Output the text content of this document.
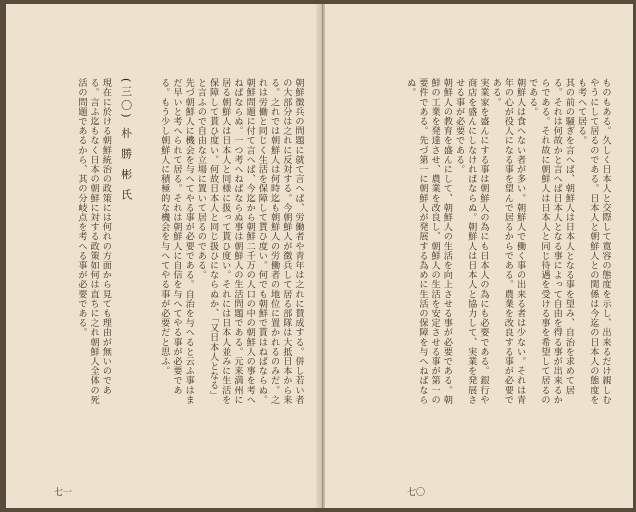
朝鮮徴兵の問題に就て言へば、労働者や青年は之れに賛成する。併し若い者の大部分は之れに反対する。今朝鮮人が徴兵して居る部隊は大抵日本から来る。之れでは朝鮮人は何時迄も朝鮮人の労働者の地位に置かれるのみだ。之れは労働と同じく生活を保障して貰ひ度い。何でも朝鮮で貰はねばならぬ。

朝鮮問題に付て言へば、今迄から朝鮮二千万の人口の中の朝鮮人の事を考へねばならぬ。一つ考へねばならぬ事は朝鮮人の生活問題である。元来満州に居る朝鮮人は日本人と同様に扱って貰ひ度い。それには日本人並みに生活を保障して貰ひ度い。何故日本人と同じ扱ひにならぬか、「又日本人となる」と言ふので自由な立場に置いて居るのである。

先づ朝鮮人に機会を与へてやる事が必要である。自治を与へると云ふ事はまだ早いと考へられて居る。それは朝鮮人に自信を与へてやる事が必要である。もう少し朝鮮人に積極的な機会を与へてやる事が必要だと思ふ。

(三〇) 朴 勝 彬 氏

現在に於ける朝鮮統治の政策には何れの方面から見ても理由が無いのである。言ふ迄もなく日本の朝鮮に対する政策如何は直ちに之れ朝鮮人全体の死活の問題であるから、其の分岐点を考へる事が必要である。

七一

ものもある。久しく日本人と交際して寛容の態度を示し、出来るだけ親しむやうにして居るのである。日本人と朝鮮人との関係は今迄の日本人の態度をも考へて居る。

其の前の騒ぎを言へば、朝鮮人は日本人となる事を望み、自治を求めて居る。それは何故かと言へば日本人となる事によって自由を得る事が出来るからである。それ故に朝鮮人は日本人と同じ待遇を受ける事を希望して居るのである。

朝鮮人は食へない者が多い。朝鮮人で働く事の出来る者は少ない。それは青年の心が役人になる事を望んで居るからである。農業を改良する事が必要である。

実業家を盛んにする事は朝鮮人の為にも日本人の為にも必要である。銀行や商店を盛んにしなければならぬ。朝鮮人は日本人と協力して、実業を発展させる事が必要である。

朝鮮人の教育を盛んにして、朝鮮人の生活を向上させる事が必要である。朝鮮の工業を発達させ、農業を改良し、朝鮮人の生活を安定させる事が第一の要件である。先づ第一に朝鮮人が発展する為めに生活の保障を与へねばならぬ。

七〇
